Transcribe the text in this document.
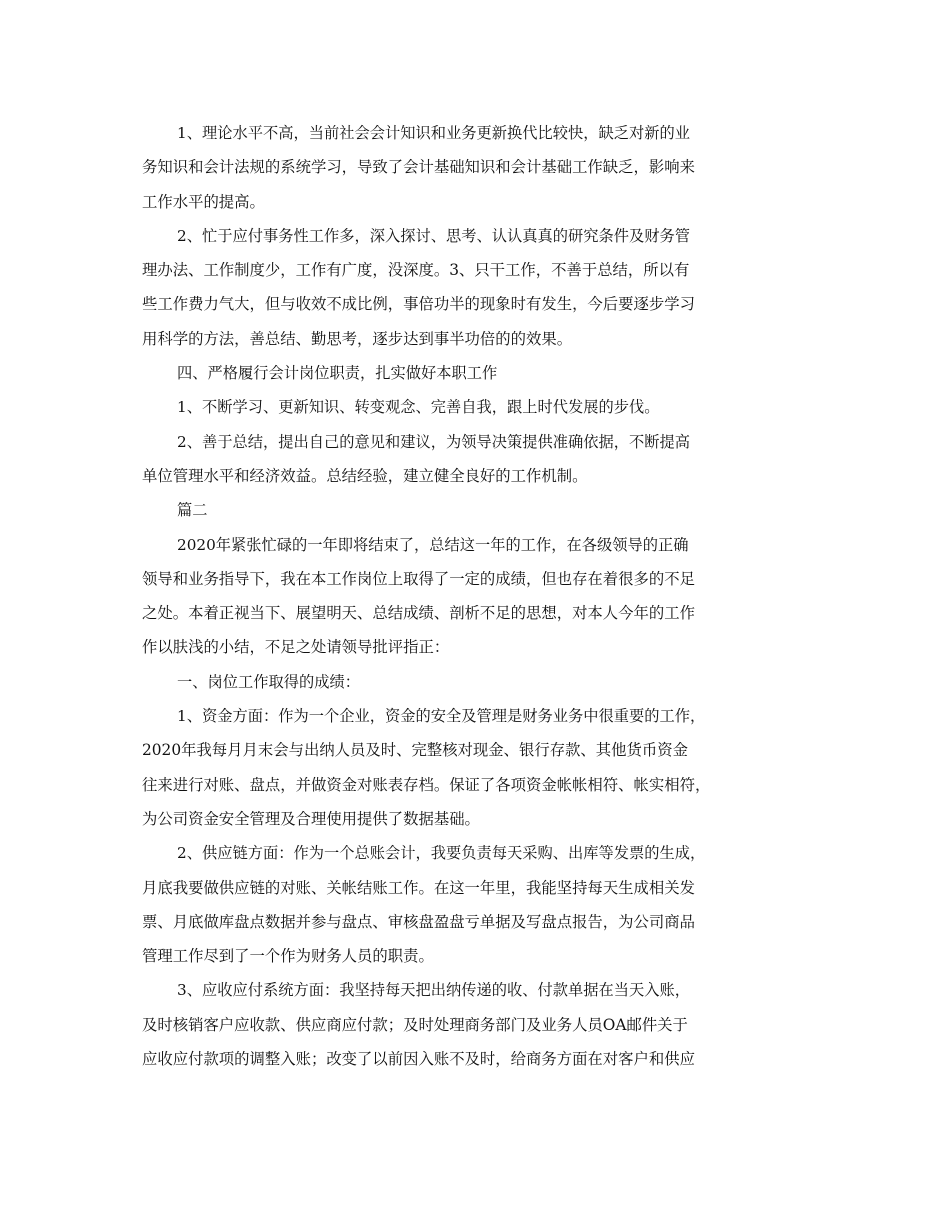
1、理论水平不高，当前社会会计知识和业务更新换代比较快，缺乏对新的业
务知识和会计法规的系统学习，导致了会计基础知识和会计基础工作缺乏，影响来
工作水平的提高。
2、忙于应付事务性工作多，深入探讨、思考、认认真真的研究条件及财务管
理办法、工作制度少，工作有广度，没深度。3、只干工作，不善于总结，所以有
些工作费力气大，但与收效不成比例，事倍功半的现象时有发生，今后要逐步学习
用科学的方法，善总结、勤思考，逐步达到事半功倍的的效果。
四、严格履行会计岗位职责，扎实做好本职工作
1、不断学习、更新知识、转变观念、完善自我，跟上时代发展的步伐。
2、善于总结，提出自己的意见和建议，为领导决策提供准确依据，不断提高
单位管理水平和经济效益。总结经验，建立健全良好的工作机制。
篇二
2020年紧张忙碌的一年即将结束了，总结这一年的工作，在各级领导的正确
领导和业务指导下，我在本工作岗位上取得了一定的成绩，但也存在着很多的不足
之处。本着正视当下、展望明天、总结成绩、剖析不足的思想，对本人今年的工作
作以肤浅的小结，不足之处请领导批评指正：
一、岗位工作取得的成绩：
1、资金方面：作为一个企业，资金的安全及管理是财务业务中很重要的工作，
2020年我每月月末会与出纳人员及时、完整核对现金、银行存款、其他货币资金
往来进行对账、盘点，并做资金对账表存档。保证了各项资金帐帐相符、帐实相符，
为公司资金安全管理及合理使用提供了数据基础。
2、供应链方面：作为一个总账会计，我要负责每天采购、出库等发票的生成，
月底我要做供应链的对账、关帐结账工作。在这一年里，我能坚持每天生成相关发
票、月底做库盘点数据并参与盘点、审核盘盈盘亏单据及写盘点报告，为公司商品
管理工作尽到了一个作为财务人员的职责。
3、应收应付系统方面：我坚持每天把出纳传递的收、付款单据在当天入账，
及时核销客户应收款、供应商应付款；及时处理商务部门及业务人员OA邮件关于
应收应付款项的调整入账；改变了以前因入账不及时，给商务方面在对客户和供应
